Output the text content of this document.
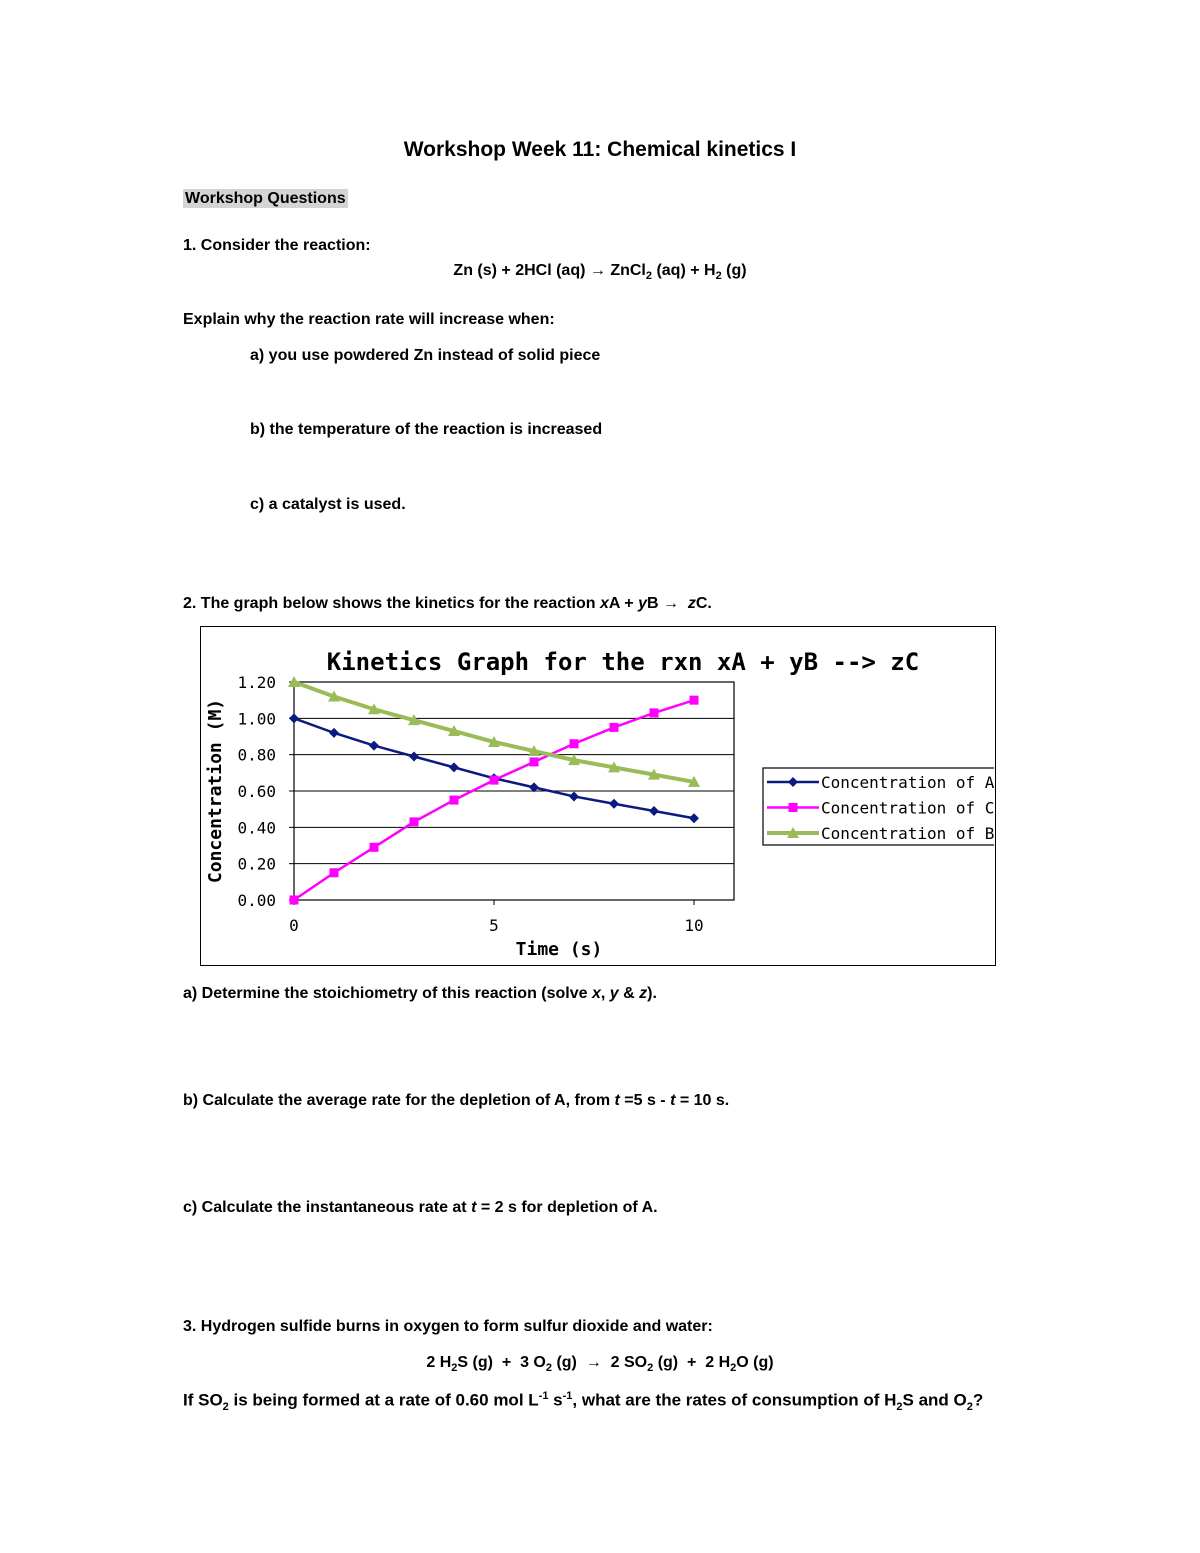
Workshop Week 11: Chemical kinetics I
Workshop Questions
1. Consider the reaction:
Zn (s) + 2HCl (aq) → ZnCl$_2$ $(aq) + H_2$ (g)
Explain why the reaction rate will increase when:
a) you use powdered Zn instead of solid piece
b) the temperature of the reaction is increased
c) a catalyst is used.
2. The graph below shows the kinetics for the reaction xA + yB → zC.
Kinetics Graph for the rxn xA + yB --> zC
0.00
0.20
0.40
0.60
0.80
1.00
1.20
0	5	10
Time (s)
Concentration (M)	Concentration of A
Concentration of C
Concentration of B
a) Determine the stoichiometry of this reaction (solve x, y & z).
b) Calculate the average rate for the depletion of A, from t =5 s - t = 10 s.
c) Calculate the instantaneous rate at t = 2 s for depletion of A.
3. Hydrogen sulfide burns in oxygen to form sulfur dioxide and water:
2 $H_2S$ (g)  +  3 $O_2$ (g)  →  2 $SO_2$ (g)  +  2 $H_2O$ (g)
If $SO_2$ is being formed at a rate of 0.60 mol $L^{-1}$ $s^{-1}$, what are the rates of consumption of $H_2S$ and $O_2$?
